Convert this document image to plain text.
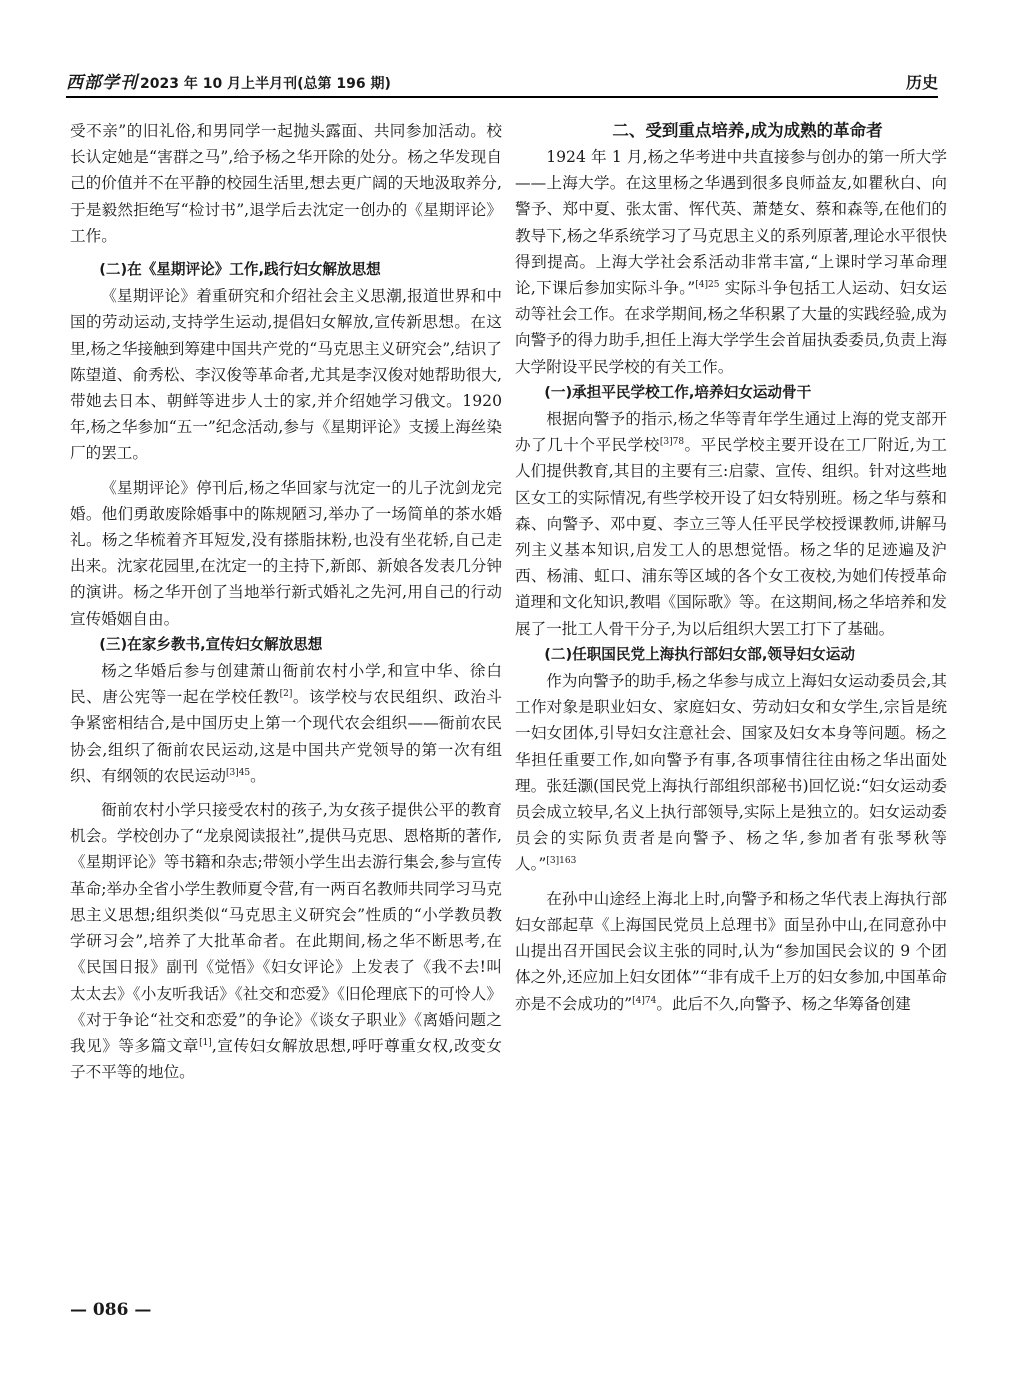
西部学刊 2023 年 10 月上半月刊(总第 196 期)	历史

受不亲”的旧礼俗,和男同学一起抛头露面、共同参加活动。校长认定她是“害群之马”,给予杨之华开除的处分。杨之华发现自己的价值并不在平静的校园生活里,想去更广阔的天地汲取养分,于是毅然拒绝写“检讨书”,退学后去沈定一创办的《星期评论》工作。

(二)在《星期评论》工作,践行妇女解放思想

《星期评论》着重研究和介绍社会主义思潮,报道世界和中国的劳动运动,支持学生运动,提倡妇女解放,宣传新思想。在这里,杨之华接触到筹建中国共产党的“马克思主义研究会”,结识了陈望道、俞秀松、李汉俊等革命者,尤其是李汉俊对她帮助很大,带她去日本、朝鲜等进步人士的家,并介绍她学习俄文。1920 年,杨之华参加“五一”纪念活动,参与《星期评论》支援上海丝染厂的罢工。

《星期评论》停刊后,杨之华回家与沈定一的儿子沈剑龙完婚。他们勇敢废除婚事中的陈规陋习,举办了一场简单的茶水婚礼。杨之华梳着齐耳短发,没有搽脂抹粉,也没有坐花轿,自己走出来。沈家花园里,在沈定一的主持下,新郎、新娘各发表几分钟的演讲。杨之华开创了当地举行新式婚礼之先河,用自己的行动宣传婚姻自由。

(三)在家乡教书,宣传妇女解放思想

杨之华婚后参与创建萧山衙前农村小学,和宣中华、徐白民、唐公宪等一起在学校任教[2]。该学校与农民组织、政治斗争紧密相结合,是中国历史上第一个现代农会组织——衙前农民协会,组织了衙前农民运动,这是中国共产党领导的第一次有组织、有纲领的农民运动$^{[3]45}$。

衙前农村小学只接受农村的孩子,为女孩子提供公平的教育机会。学校创办了“龙泉阅读报社”,提供马克思、恩格斯的著作,《星期评论》等书籍和杂志;带领小学生出去游行集会,参与宣传革命;举办全省小学生教师夏令营,有一两百名教师共同学习马克思主义思想;组织类似“马克思主义研究会”性质的“小学教员教学研习会”,培养了大批革命者。在此期间,杨之华不断思考,在《民国日报》副刊《觉悟》《妇女评论》上发表了《我不去!叫太太去》《小友听我话》《社交和恋爱》《旧伦理底下的可怜人》《对于争论“社交和恋爱”的争论》《谈女子职业》《离婚问题之我见》等多篇文章[1],宣传妇女解放思想,呼吁尊重女权,改变女子不平等的地位。

二、受到重点培养,成为成熟的革命者

1924 年 1 月,杨之华考进中共直接参与创办的第一所大学——上海大学。在这里杨之华遇到很多良师益友,如瞿秋白、向警予、郑中夏、张太雷、恽代英、萧楚女、蔡和森等,在他们的教导下,杨之华系统学习了马克思主义的系列原著,理论水平很快得到提高。上海大学社会系活动非常丰富,“上课时学习革命理论,下课后参加实际斗争。”$^{[4]25}$ 实际斗争包括工人运动、妇女运动等社会工作。在求学期间,杨之华积累了大量的实践经验,成为向警予的得力助手,担任上海大学学生会首届执委委员,负责上海大学附设平民学校的有关工作。

(一)承担平民学校工作,培养妇女运动骨干

根据向警予的指示,杨之华等青年学生通过上海的党支部开办了几十个平民学校$^{[3]78}$。平民学校主要开设在工厂附近,为工人们提供教育,其目的主要有三:启蒙、宣传、组织。针对这些地区女工的实际情况,有些学校开设了妇女特别班。杨之华与蔡和森、向警予、邓中夏、李立三等人任平民学校授课教师,讲解马列主义基本知识,启发工人的思想觉悟。杨之华的足迹遍及沪西、杨浦、虹口、浦东等区域的各个女工夜校,为她们传授革命道理和文化知识,教唱《国际歌》等。在这期间,杨之华培养和发展了一批工人骨干分子,为以后组织大罢工打下了基础。

(二)任职国民党上海执行部妇女部,领导妇女运动

作为向警予的助手,杨之华参与成立上海妇女运动委员会,其工作对象是职业妇女、家庭妇女、劳动妇女和女学生,宗旨是统一妇女团体,引导妇女注意社会、国家及妇女本身等问题。杨之华担任重要工作,如向警予有事,各项事情往往由杨之华出面处理。张廷灏(国民党上海执行部组织部秘书)回忆说:“妇女运动委员会成立较早,名义上执行部领导,实际上是独立的。妇女运动委员会的实际负责者是向警予、杨之华,参加者有张琴秋等人。”$^{[3]163}$

在孙中山途经上海北上时,向警予和杨之华代表上海执行部妇女部起草《上海国民党员上总理书》面呈孙中山,在同意孙中山提出召开国民会议主张的同时,认为“参加国民会议的 9 个团体之外,还应加上妇女团体”“非有成千上万的妇女参加,中国革命亦是不会成功的”$^{[4]74}$。此后不久,向警予、杨之华筹备创建

— 086 —
